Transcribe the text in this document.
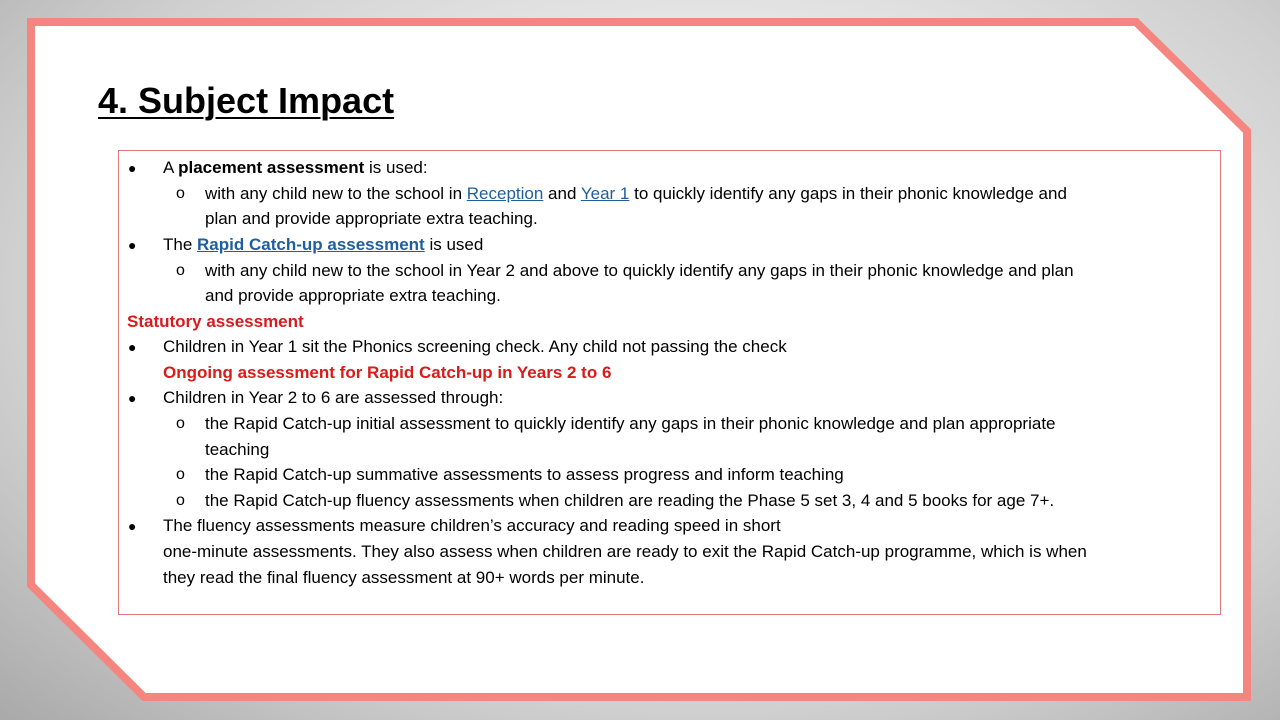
4. Subject Impact
● A placement assessment is used:
o with any child new to the school in Reception and Year 1 to quickly identify any gaps in their phonic knowledge and
plan and provide appropriate extra teaching.
● The Rapid Catch-up assessment is used
o with any child new to the school in Year 2 and above to quickly identify any gaps in their phonic knowledge and plan
and provide appropriate extra teaching.
Statutory assessment
● Children in Year 1 sit the Phonics screening check. Any child not passing the check
Ongoing assessment for Rapid Catch-up in Years 2 to 6
● Children in Year 2 to 6 are assessed through:
o the Rapid Catch-up initial assessment to quickly identify any gaps in their phonic knowledge and plan appropriate
teaching
o the Rapid Catch-up summative assessments to assess progress and inform teaching
o the Rapid Catch-up fluency assessments when children are reading the Phase 5 set 3, 4 and 5 books for age 7+.
● The fluency assessments measure children’s accuracy and reading speed in short
one-minute assessments. They also assess when children are ready to exit the Rapid Catch-up programme, which is when
they read the final fluency assessment at 90+ words per minute.
